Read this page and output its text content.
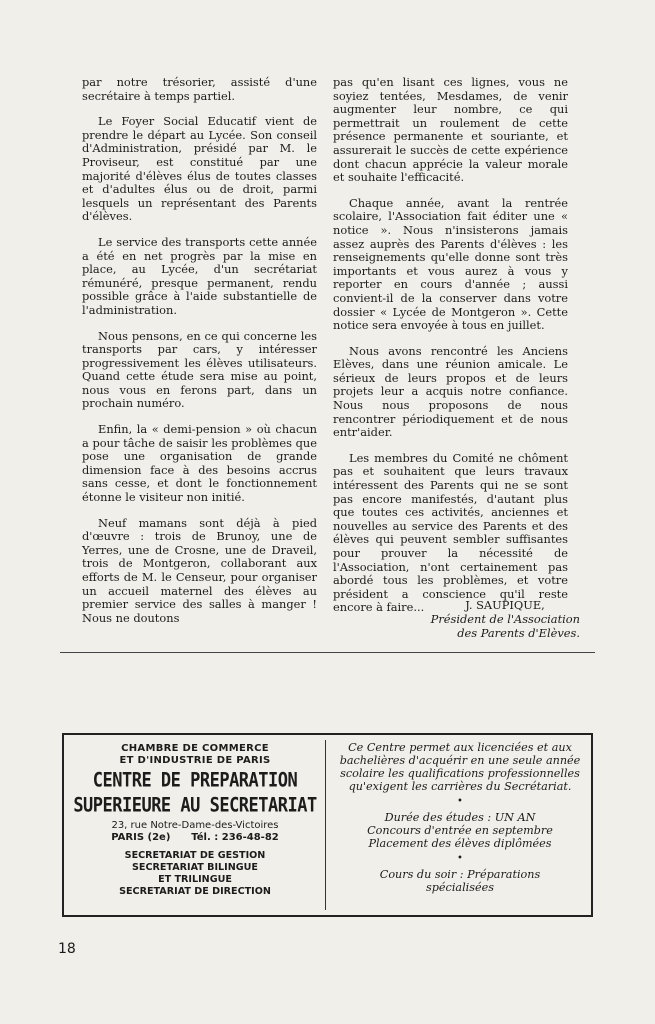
par notre trésorier, assisté d'une secrétaire à temps partiel.

Le Foyer Social Educatif vient de prendre le départ au Lycée. Son conseil d'Administration, présidé par M. le Proviseur, est constitué par une majorité d'élèves élus de toutes classes et d'adultes élus ou de droit, parmi lesquels un représentant des Parents d'élèves.

Le service des transports cette année a été en net progrès par la mise en place, au Lycée, d'un secrétariat rémunéré, presque permanent, rendu possible grâce à l'aide substantielle de l'administration.

Nous pensons, en ce qui concerne les transports par cars, y intéresser progressivement les élèves utilisateurs. Quand cette étude sera mise au point, nous vous en ferons part, dans un prochain numéro.

Enfin, la « demi-pension » où chacun a pour tâche de saisir les problèmes que pose une organisation de grande dimension face à des besoins accrus sans cesse, et dont le fonctionnement étonne le visiteur non initié.

Neuf mamans sont déjà à pied d'œuvre : trois de Brunoy, une de Yerres, une de Crosne, une de Draveil, trois de Montgeron, collaborant aux efforts de M. le Censeur, pour organiser un accueil maternel des élèves au premier service des salles à manger ! Nous ne doutons

pas qu'en lisant ces lignes, vous ne soyiez tentées, Mesdames, de venir augmenter leur nombre, ce qui permettrait un roulement de cette présence permanente et souriante, et assurerait le succès de cette expérience dont chacun apprécie la valeur morale et souhaite l'efficacité.

Chaque année, avant la rentrée scolaire, l'Association fait éditer une « notice ». Nous n'insisterons jamais assez auprès des Parents d'élèves : les renseignements qu'elle donne sont très importants et vous aurez à vous y reporter en cours d'année ; aussi convient-il de la conserver dans votre dossier « Lycée de Montgeron ». Cette notice sera envoyée à tous en juillet.

Nous avons rencontré les Anciens Elèves, dans une réunion amicale. Le sérieux de leurs propos et de leurs projets leur a acquis notre confiance. Nous nous proposons de nous rencontrer périodiquement et de nous entr'aider.

Les membres du Comité ne chôment pas et souhaitent que leurs travaux intéressent des Parents qui ne se sont pas encore manifestés, d'autant plus que toutes ces activités, anciennes et nouvelles au service des Parents et des élèves qui peuvent sembler suffisantes pour prouver la nécessité de l'Association, n'ont certainement pas abordé tous les problèmes, et votre président a conscience qu'il reste encore à faire...	J. SAUPIQUE,
Président de l'Association
des Parents d'Elèves.
CHAMBRE DE COMMERCE
ET D'INDUSTRIE DE PARIS
CENTRE DE PREPARATION
SUPERIEURE AU SECRETARIAT
23, rue Notre-Dame-des-Victoires
PARIS (2e)      Tél. : 236-48-82
SECRETARIAT DE GESTION
SECRETARIAT BILINGUE
ET TRILINGUE
SECRETARIAT DE DIRECTION

Ce Centre permet aux licenciées et aux bachelières d'acquérir en une seule année scolaire les qualifications professionnelles qu'exigent les carrières du Secrétariat.

•

Durée des études : UN AN

Concours d'entrée en septembre

Placement des élèves diplômées

•

Cours du soir : Préparations

spécialisées

18
